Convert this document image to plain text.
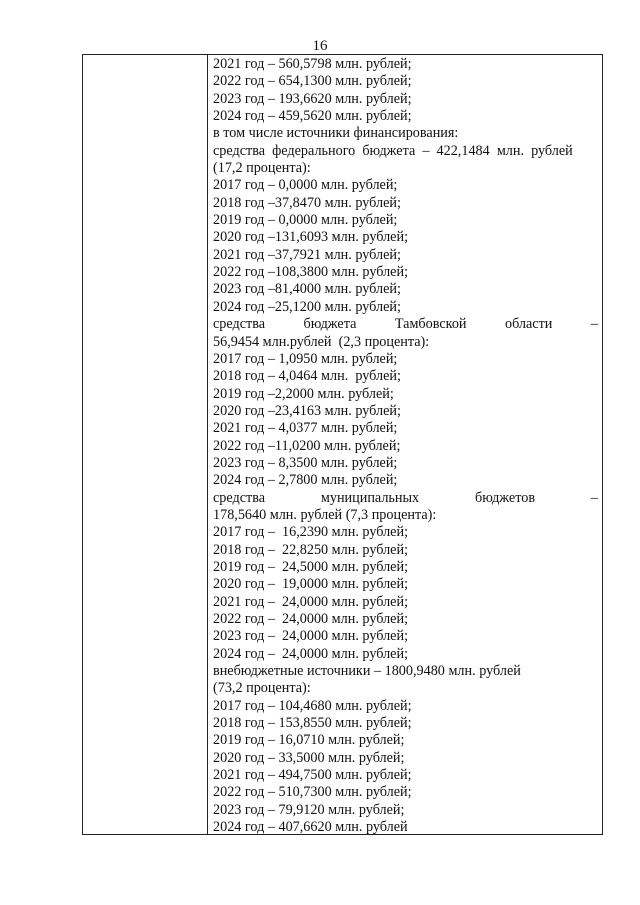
16
2021 год – 560,5798 млн. рублей;
2022 год – 654,1300 млн. рублей;
2023 год – 193,6620 млн. рублей;
2024 год – 459,5620 млн. рублей;
в том числе источники финансирования:
средства  федерального  бюджета  –  422,1484  млн.  рублей
(17,2 процента):
2017 год – 0,0000 млн. рублей;
2018 год –37,8470 млн. рублей;
2019 год – 0,0000 млн. рублей;
2020 год –131,6093 млн. рублей;
2021 год –37,7921 млн. рублей;
2022 год –108,3800 млн. рублей;
2023 год –81,4000 млн. рублей;
2024 год –25,1200 млн. рублей;
средства	бюджета	Тамбовской	области	–
56,9454 млн.рублей  (2,3 процента):
2017 год – 1,0950 млн. рублей;
2018 год – 4,0464 млн.  рублей;
2019 год –2,2000 млн. рублей;
2020 год –23,4163 млн. рублей;
2021 год – 4,0377 млн. рублей;
2022 год –11,0200 млн. рублей;
2023 год – 8,3500 млн. рублей;
2024 год – 2,7800 млн. рублей;
средства	муниципальных	бюджетов	–
178,5640 млн. рублей (7,3 процента):
2017 год –  16,2390 млн. рублей;
2018 год –  22,8250 млн. рублей;
2019 год –  24,5000 млн. рублей;
2020 год –  19,0000 млн. рублей;
2021 год –  24,0000 млн. рублей;
2022 год –  24,0000 млн. рублей;
2023 год –  24,0000 млн. рублей;
2024 год –  24,0000 млн. рублей;
внебюджетные источники – 1800,9480 млн. рублей
(73,2 процента):
2017 год – 104,4680 млн. рублей;
2018 год – 153,8550 млн. рублей;
2019 год – 16,0710 млн. рублей;
2020 год – 33,5000 млн. рублей;
2021 год – 494,7500 млн. рублей;
2022 год – 510,7300 млн. рублей;
2023 год – 79,9120 млн. рублей;
2024 год – 407,6620 млн. рублей
